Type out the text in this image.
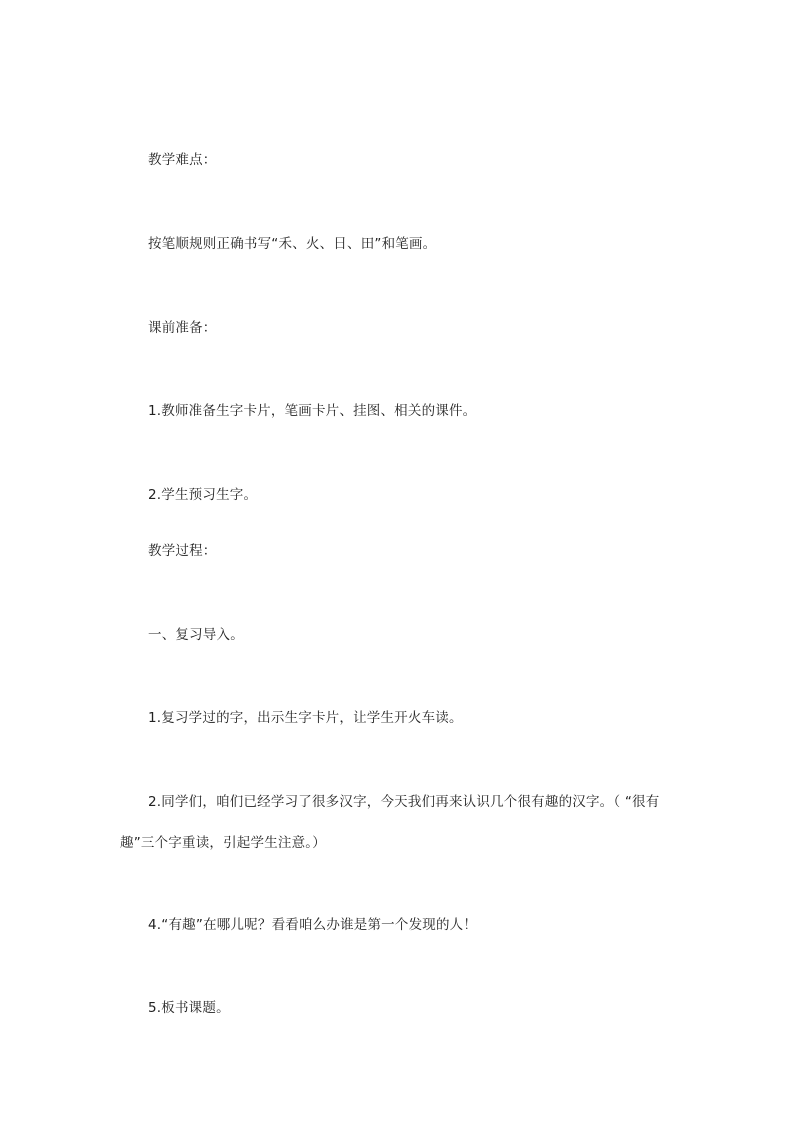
教学难点：
按笔顺规则正确书写“禾、火、日、田”和笔画。
课前准备：
1.教师准备生字卡片，笔画卡片、挂图、相关的课件。
2.学生预习生字。
教学过程：
一、复习导入。
1.复习学过的字，出示生字卡片，让学生开火车读。
2.同学们，咱们已经学习了很多汉字，今天我们再来认识几个很有趣的汉字。（ “很有
趣”三个字重读，引起学生注意。）
4.“有趣”在哪儿呢？看看咱么办谁是第一个发现的人！
5.板书课题。
